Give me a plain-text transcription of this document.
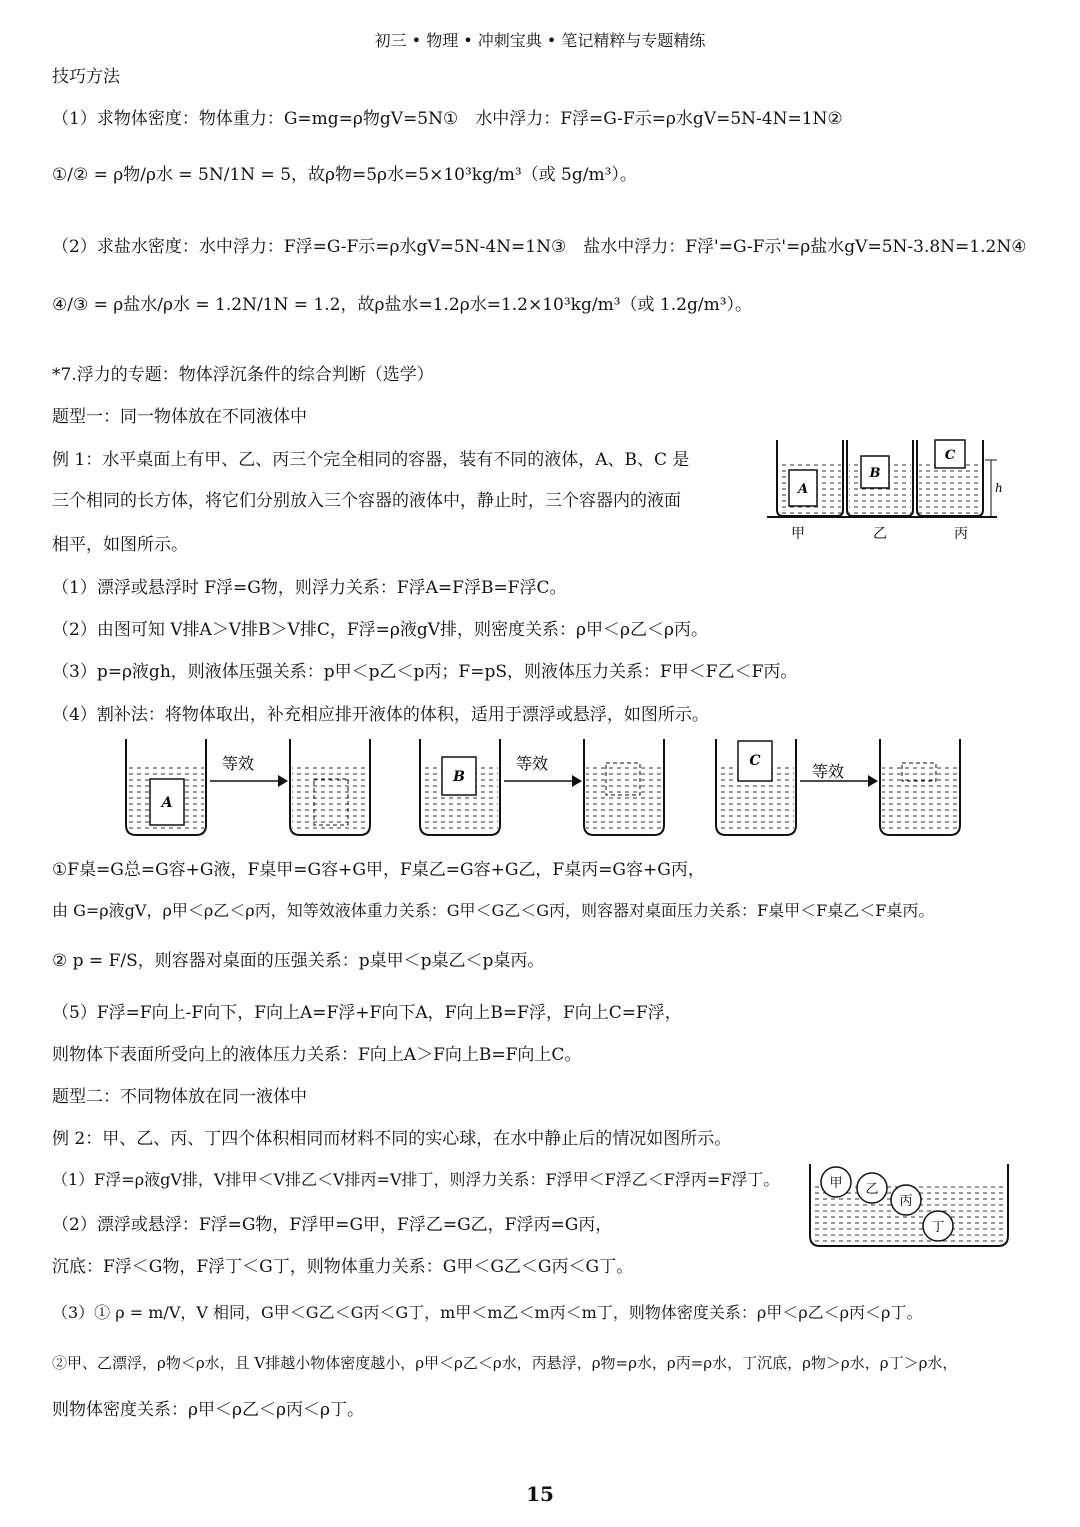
初三 • 物理 • 冲刺宝典 • 笔记精粹与专题精练
技巧方法
（1）求物体密度：物体重力：G=mg=ρ物gV=5N①　水中浮力：F浮=G-F示=ρ水gV=5N-4N=1N②
①/② = ρ物/ρ水 = 5N/1N = 5，故ρ物=5ρ水=5×10³kg/m³（或 5g/m³）。
（2）求盐水密度：水中浮力：F浮=G-F示=ρ水gV=5N-4N=1N③　盐水中浮力：F浮'=G-F示'=ρ盐水gV=5N-3.8N=1.2N④
④/③ = ρ盐水/ρ水 = 1.2N/1N = 1.2，故ρ盐水=1.2ρ水=1.2×10³kg/m³（或 1.2g/m³）。
*7.浮力的专题：物体浮沉条件的综合判断（选学）
题型一：同一物体放在不同液体中
例 1：水平桌面上有甲、乙、丙三个完全相同的容器，装有不同的液体，A、B、C 是
三个相同的长方体，将它们分别放入三个容器的液体中，静止时，三个容器内的液面
相平，如图所示。
（1）漂浮或悬浮时 F浮=G物，则浮力关系：F浮A=F浮B=F浮C。
（2）由图可知 V排A＞V排B＞V排C，F浮=ρ液gV排，则密度关系：ρ甲＜ρ乙＜ρ丙。
（3）p=ρ液gh，则液体压强关系：p甲＜p乙＜p丙；F=pS，则液体压力关系：F甲＜F乙＜F丙。
（4）割补法：将物体取出，补充相应排开液体的体积，适用于漂浮或悬浮，如图所示。
①F桌=G总=G容+G液，F桌甲=G容+G甲，F桌乙=G容+G乙，F桌丙=G容+G丙，
由 G=ρ液gV，ρ甲＜ρ乙＜ρ丙，知等效液体重力关系：G甲＜G乙＜G丙，则容器对桌面压力关系：F桌甲＜F桌乙＜F桌丙。
② p = F/S，则容器对桌面的压强关系：p桌甲＜p桌乙＜p桌丙。
（5）F浮=F向上-F向下，F向上A=F浮+F向下A，F向上B=F浮，F向上C=F浮，
则物体下表面所受向上的液体压力关系：F向上A＞F向上B=F向上C。
题型二：不同物体放在同一液体中
例 2：甲、乙、丙、丁四个体积相同而材料不同的实心球，在水中静止后的情况如图所示。
（1）F浮=ρ液gV排，V排甲＜V排乙＜V排丙=V排丁，则浮力关系：F浮甲＜F浮乙＜F浮丙=F浮丁。
（2）漂浮或悬浮：F浮=G物，F浮甲=G甲，F浮乙=G乙，F浮丙=G丙，
沉底：F浮＜G物，F浮丁＜G丁，则物体重力关系：G甲＜G乙＜G丙＜G丁。
（3）① ρ = m/V，V 相同，G甲＜G乙＜G丙＜G丁，m甲＜m乙＜m丙＜m丁，则物体密度关系：ρ甲＜ρ乙＜ρ丙＜ρ丁。
②甲、乙漂浮，ρ物＜ρ水，且 V排越小物体密度越小，ρ甲＜ρ乙＜ρ水，丙悬浮，ρ物=ρ水，ρ丙=ρ水，丁沉底，ρ物＞ρ水，ρ丁＞ρ水，
则物体密度关系：ρ甲＜ρ乙＜ρ丙＜ρ丁。
A
B
C
h
甲	乙	丙
A
等效
B
等效	C
等效
甲 乙
丙
丁
15
